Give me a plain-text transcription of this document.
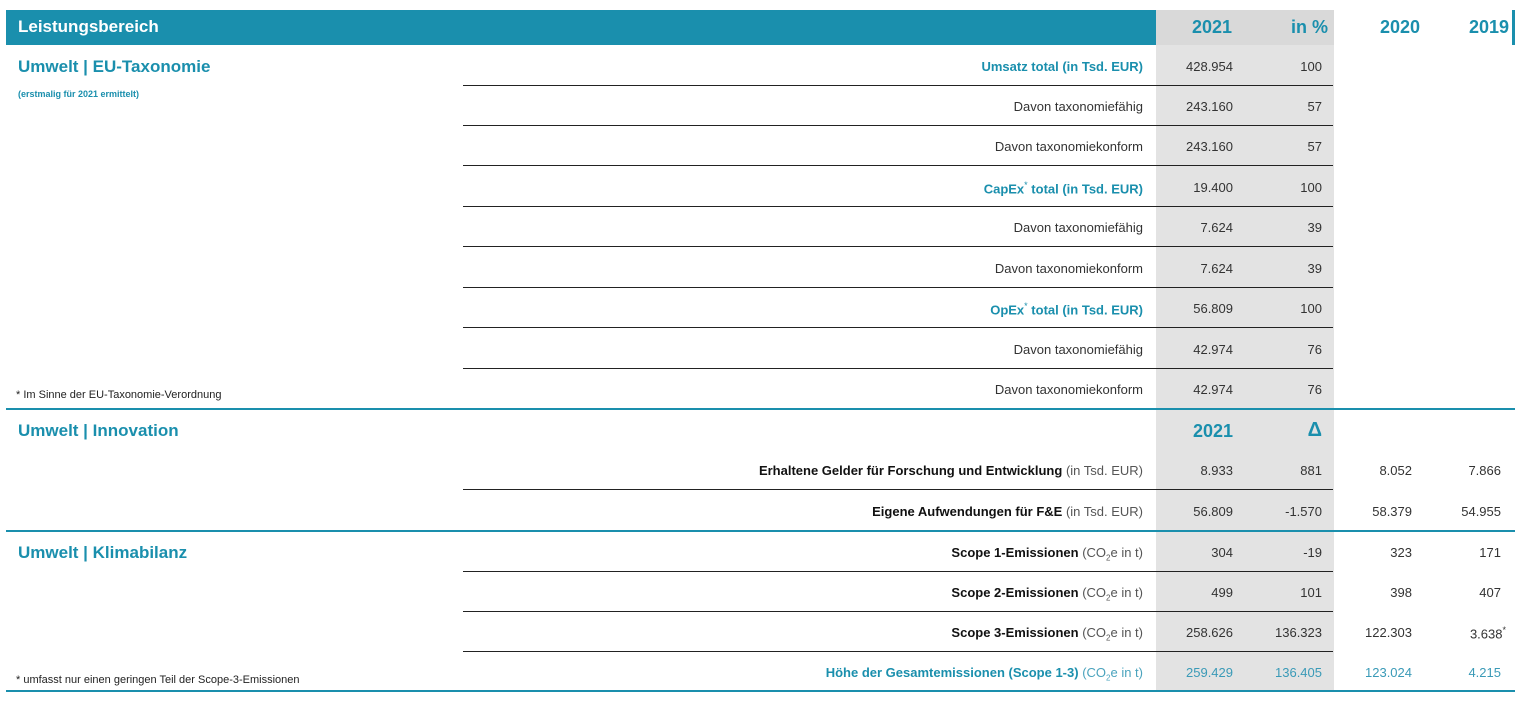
Leistungsbereich	2021	in %	2020	2019
Umwelt | EU-Taxonomie
(erstmalig für 2021 ermittelt)
* Im Sinne der EU-Taxonomie-Verordnung
Umsatz total (in Tsd. EUR)	428.954	100
Davon taxonomiefähig	243.160	57
Davon taxonomiekonform	243.160	57
CapEx* total (in Tsd. EUR)	19.400	100
Davon taxonomiefähig	7.624	39
Davon taxonomiekonform	7.624	39
OpEx* total (in Tsd. EUR)	56.809	100
Davon taxonomiefähig	42.974	76
Davon taxonomiekonform	42.974	76
Umwelt | Innovation	2021	Δ
Erhaltene Gelder für Forschung und Entwicklung (in Tsd. EUR)	8.933	881	8.052	7.866
Eigene Aufwendungen für F&E (in Tsd. EUR)	56.809	-1.570	58.379	54.955
Umwelt | Klimabilanz
* umfasst nur einen geringen Teil der Scope-3-Emissionen
Scope 1-Emissionen ($CO_2e$ in t)	304	-19	323	171
Scope 2-Emissionen ($CO_2e$ in t)	499	101	398	407
Scope 3-Emissionen ($CO_2e$ in t)	258.626	136.323	122.303	3.638*
Höhe der Gesamtemissionen (Scope 1-3) ($CO_2e$ in t)	259.429	136.405	123.024	4.215
